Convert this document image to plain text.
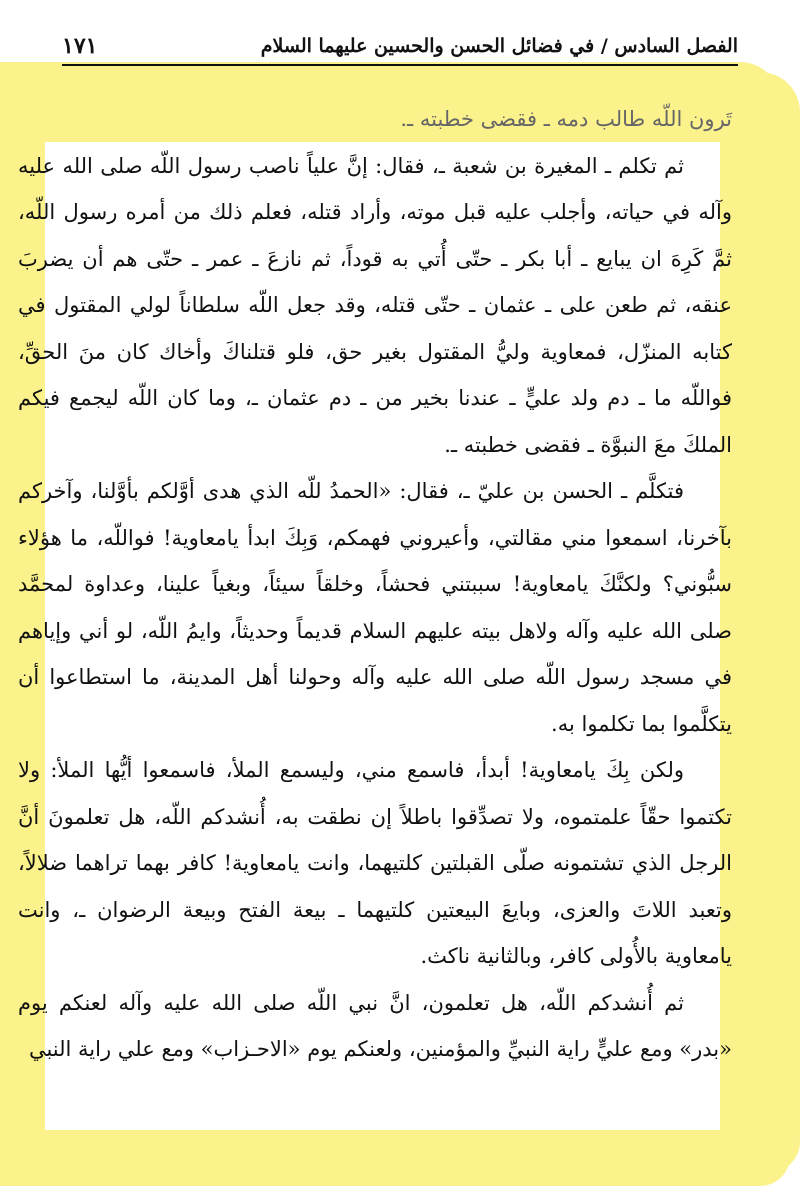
الفصل السادس / في فضائل الحسن والحسين عليهما السلام
١٧١

تَرون اللّه طالب دمه ـ فقضى خطبته ـ.

ثم تكلم ـ المغيرة بن شعبة ـ، فقال: إنَّ علياً ناصب رسول اللّه صلى الله عليه وآله في حياته، وأجلب عليه قبل موته، وأراد قتله، فعلم ذلك من أمره رسول اللّه، ثمَّ كَرِهَ ان يبايع ـ أبا بكر ـ حتّى أُتي به قوداً، ثم نازعَ ـ عمر ـ حتّى هم أن يضربَ عنقه، ثم طعن على ـ عثمان ـ حتّى قتله، وقد جعل اللّه سلطاناً لولي المقتول في كتابه المنزّل، فمعاوية وليُّ المقتول بغير حق، فلو قتلناكَ وأخاك كان منَ الحقِّ، فواللّه ما ـ دم ولد عليٍّ ـ عندنا بخير من ـ دم عثمان ـ، وما كان اللّه ليجمع فيكم الملكَ معَ النبوَّة ـ فقضى خطبته ـ.

فتكلَّم ـ الحسن بن عليّ ـ، فقال: «الحمدُ للّه الذي هدى أوَّلكم بأوَّلنا، وآخركم بآخرنا، اسمعوا مني مقالتي، وأعيروني فهمكم، وَبِكَ ابدأ يامعاوية! فواللّه، ما هؤلاء سبُّوني؟ ولكنَّكَ يامعاوية! سببتني فحشاً، وخلقاً سيئاً، وبغياً علينا، وعداوة لمحمَّد صلى الله عليه وآله ولاهل بيته عليهم السلام قديماً وحديثاً، وايمُ اللّه، لو أني وإياهم في مسجد رسول اللّه صلى الله عليه وآله وحولنا أهل المدينة، ما استطاعوا أن يتكلَّموا بما تكلموا به.

ولكن بِكَ يامعاوية! أبدأ، فاسمع مني، وليسمع الملأ، فاسمعوا أيُّها الملأ: ولا تكتموا حقّاً علمتموه، ولا تصدِّقوا باطلاً إن نطقت به، أُنشدكم اللّه، هل تعلمونَ أنَّ الرجل الذي تشتمونه صلّى القبلتين كلتيهما، وانت يامعاوية! كافر بهما تراهما ضلالاً، وتعبد اللاتَ والعزى، وبايعَ البيعتين كلتيهما ـ بيعة الفتح وبيعة الرضوان ـ، وانت يامعاوية بالأُولى كافر، وبالثانية ناكث.

ثم أُنشدكم اللّه، هل تعلمون، انَّ نبي اللّه صلى الله عليه وآله لعنكم يوم «بدر» ومع عليٍّ راية النبيِّ والمؤمنين، ولعنكم يوم «الاحـزاب» ومع علي راية النبي
